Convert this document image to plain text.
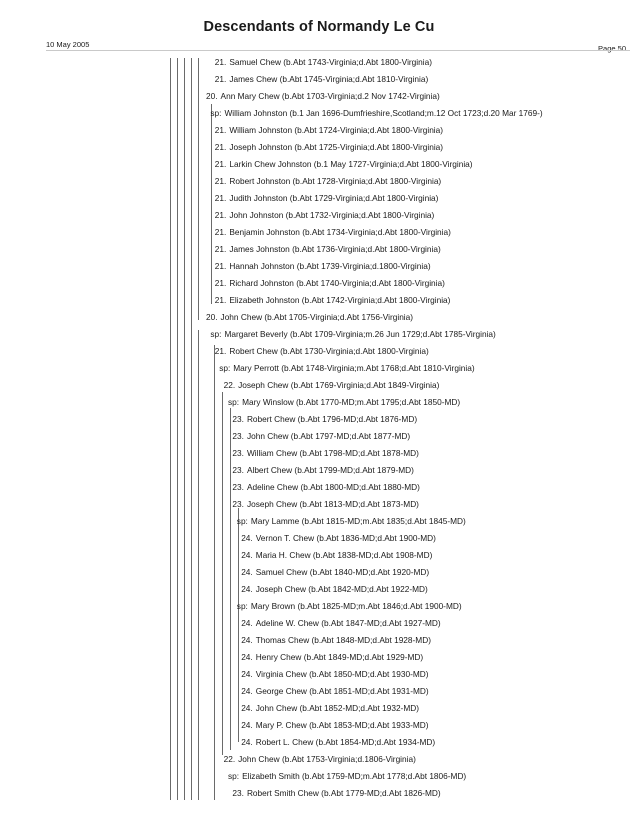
Descendants of Normandy Le Cu
10 May 2005	Page 50
21. Samuel Chew (b.Abt 1743-Virginia;d.Abt 1800-Virginia)
21. James Chew (b.Abt 1745-Virginia;d.Abt 1810-Virginia)
20. Ann Mary Chew (b.Abt 1703-Virginia;d.2 Nov 1742-Virginia)
sp: William Johnston (b.1 Jan 1696-Dumfrieshire,Scotland;m.12 Oct 1723;d.20 Mar 1769-)
21. William Johnston (b.Abt 1724-Virginia;d.Abt 1800-Virginia)
21. Joseph Johnston (b.Abt 1725-Virginia;d.Abt 1800-Virginia)
21. Larkin Chew Johnston (b.1 May 1727-Virginia;d.Abt 1800-Virginia)
21. Robert Johnston (b.Abt 1728-Virginia;d.Abt 1800-Virginia)
21. Judith Johnston (b.Abt 1729-Virginia;d.Abt 1800-Virginia)
21. John Johnston (b.Abt 1732-Virginia;d.Abt 1800-Virginia)
21. Benjamin Johnston (b.Abt 1734-Virginia;d.Abt 1800-Virginia)
21. James Johnston (b.Abt 1736-Virginia;d.Abt 1800-Virginia)
21. Hannah Johnston (b.Abt 1739-Virginia;d.1800-Virginia)
21. Richard Johnston (b.Abt 1740-Virginia;d.Abt 1800-Virginia)
21. Elizabeth Johnston (b.Abt 1742-Virginia;d.Abt 1800-Virginia)
20. John Chew (b.Abt 1705-Virginia;d.Abt 1756-Virginia)
sp: Margaret Beverly (b.Abt 1709-Virginia;m.26 Jun 1729;d.Abt 1785-Virginia)
21. Robert Chew (b.Abt 1730-Virginia;d.Abt 1800-Virginia)
sp: Mary Perrott (b.Abt 1748-Virginia;m.Abt 1768;d.Abt 1810-Virginia)
22. Joseph Chew (b.Abt 1769-Virginia;d.Abt 1849-Virginia)
sp: Mary Winslow (b.Abt 1770-MD;m.Abt 1795;d.Abt 1850-MD)
23. Robert Chew (b.Abt 1796-MD;d.Abt 1876-MD)
23. John Chew (b.Abt 1797-MD;d.Abt 1877-MD)
23. William Chew (b.Abt 1798-MD;d.Abt 1878-MD)
23. Albert Chew (b.Abt 1799-MD;d.Abt 1879-MD)
23. Adeline Chew (b.Abt 1800-MD;d.Abt 1880-MD)
23. Joseph Chew (b.Abt 1813-MD;d.Abt 1873-MD)
sp: Mary Lamme (b.Abt 1815-MD;m.Abt 1835;d.Abt 1845-MD)
24. Vernon T. Chew (b.Abt 1836-MD;d.Abt 1900-MD)
24. Maria H. Chew (b.Abt 1838-MD;d.Abt 1908-MD)
24. Samuel Chew (b.Abt 1840-MD;d.Abt 1920-MD)
24. Joseph Chew (b.Abt 1842-MD;d.Abt 1922-MD)
sp: Mary Brown (b.Abt 1825-MD;m.Abt 1846;d.Abt 1900-MD)
24. Adeline W. Chew (b.Abt 1847-MD;d.Abt 1927-MD)
24. Thomas Chew (b.Abt 1848-MD;d.Abt 1928-MD)
24. Henry Chew (b.Abt 1849-MD;d.Abt 1929-MD)
24. Virginia Chew (b.Abt 1850-MD;d.Abt 1930-MD)
24. George Chew (b.Abt 1851-MD;d.Abt 1931-MD)
24. John Chew (b.Abt 1852-MD;d.Abt 1932-MD)
24. Mary P. Chew (b.Abt 1853-MD;d.Abt 1933-MD)
24. Robert L. Chew (b.Abt 1854-MD;d.Abt 1934-MD)
22. John Chew (b.Abt 1753-Virginia;d.1806-Virginia)
sp: Elizabeth Smith (b.Abt 1759-MD;m.Abt 1778;d.Abt 1806-MD)
23. Robert Smith Chew (b.Abt 1779-MD;d.Abt 1826-MD)
